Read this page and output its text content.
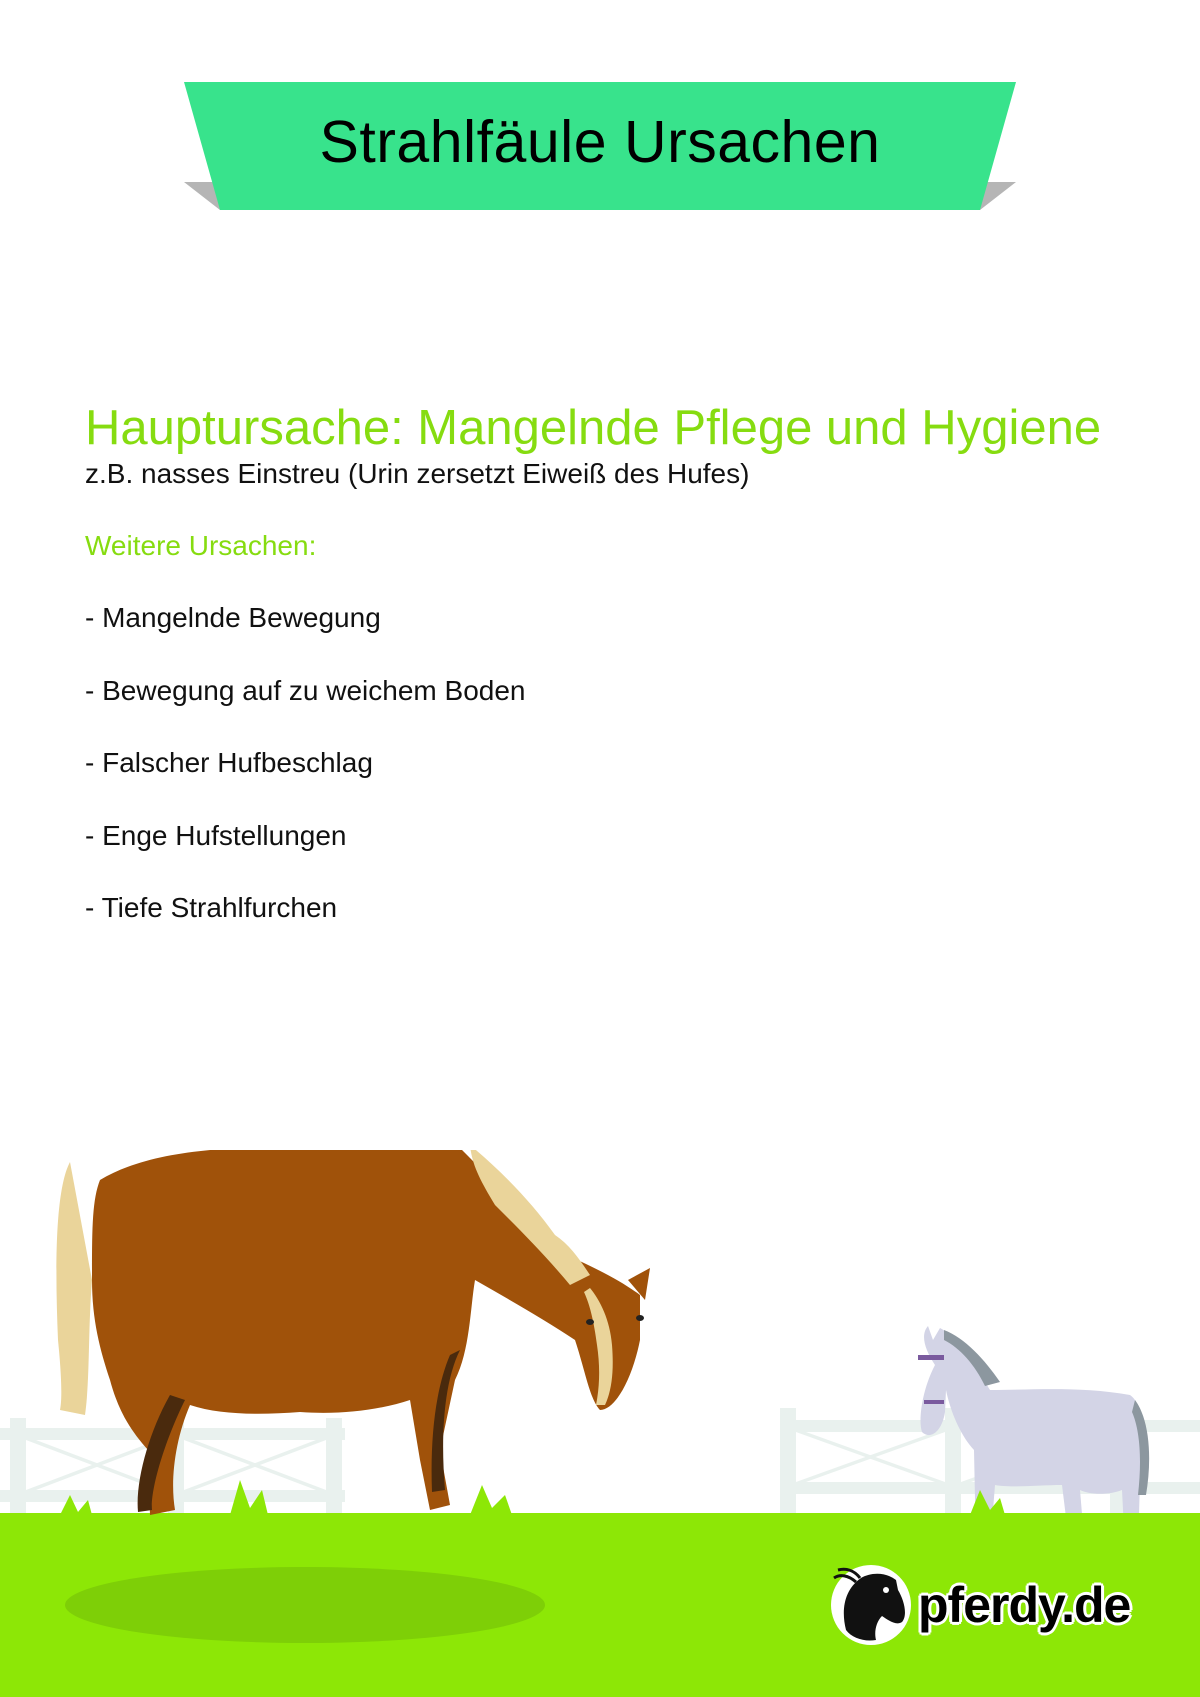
Strahlfäule Ursachen
Hauptursache: Mangelnde Pflege und Hygiene
z.B. nasses Einstreu (Urin zersetzt Eiweiß des Hufes)
Weitere Ursachen:
- Mangelnde Bewegung
- Bewegung auf zu weichem Boden
- Falscher Hufbeschlag
- Enge Hufstellungen
- Tiefe Strahlfurchen
pferdy.de
